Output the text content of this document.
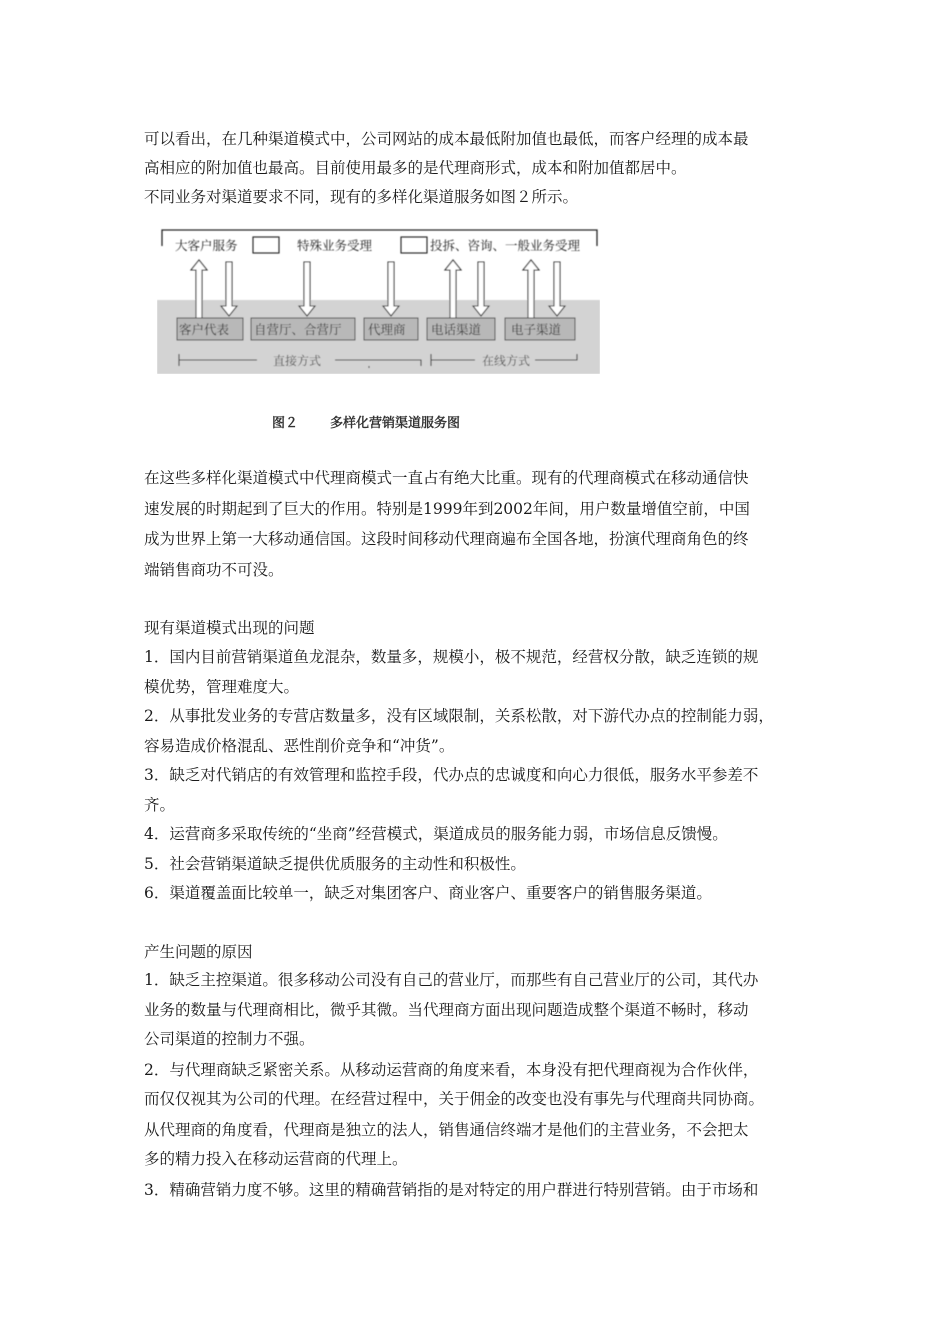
可以看出，在几种渠道模式中，公司网站的成本最低附加值也最低，而客户经理的成本最
高相应的附加值也最高。目前使用最多的是代理商形式，成本和附加值都居中。
不同业务对渠道要求不同，现有的多样化渠道服务如图２所示。
大客户服务	特殊业务受理	投拆、咨询、一般业务受理
客户代表 自营厅、合营厅 代理商 电话渠道 电子渠道
直接方式	在线方式
图２ 多样化营销渠道服务图
在这些多样化渠道模式中代理商模式一直占有绝大比重。现有的代理商模式在移动通信快
速发展的时期起到了巨大的作用。特别是1999年到2002年间，用户数量增值空前，中国
成为世界上第一大移动通信国。这段时间移动代理商遍布全国各地，扮演代理商角色的终
端销售商功不可没。
现有渠道模式出现的问题
1．国内目前营销渠道鱼龙混杂，数量多，规模小，极不规范，经营权分散，缺乏连锁的规
模优势，管理难度大。
2．从事批发业务的专营店数量多，没有区域限制，关系松散，对下游代办点的控制能力弱，
容易造成价格混乱、恶性削价竞争和“冲货”。
3．缺乏对代销店的有效管理和监控手段，代办点的忠诚度和向心力很低，服务水平参差不
齐。
4．运营商多采取传统的“坐商”经营模式，渠道成员的服务能力弱，市场信息反馈慢。
5．社会营销渠道缺乏提供优质服务的主动性和积极性。
6．渠道覆盖面比较单一，缺乏对集团客户、商业客户、重要客户的销售服务渠道。
产生问题的原因
1．缺乏主控渠道。很多移动公司没有自己的营业厅，而那些有自己营业厅的公司，其代办
业务的数量与代理商相比，微乎其微。当代理商方面出现问题造成整个渠道不畅时，移动
公司渠道的控制力不强。
2．与代理商缺乏紧密关系。从移动运营商的角度来看，本身没有把代理商视为合作伙伴，
而仅仅视其为公司的代理。在经营过程中，关于佣金的改变也没有事先与代理商共同协商。
从代理商的角度看，代理商是独立的法人，销售通信终端才是他们的主营业务，不会把太
多的精力投入在移动运营商的代理上。
3．精确营销力度不够。这里的精确营销指的是对特定的用户群进行特别营销。由于市场和
